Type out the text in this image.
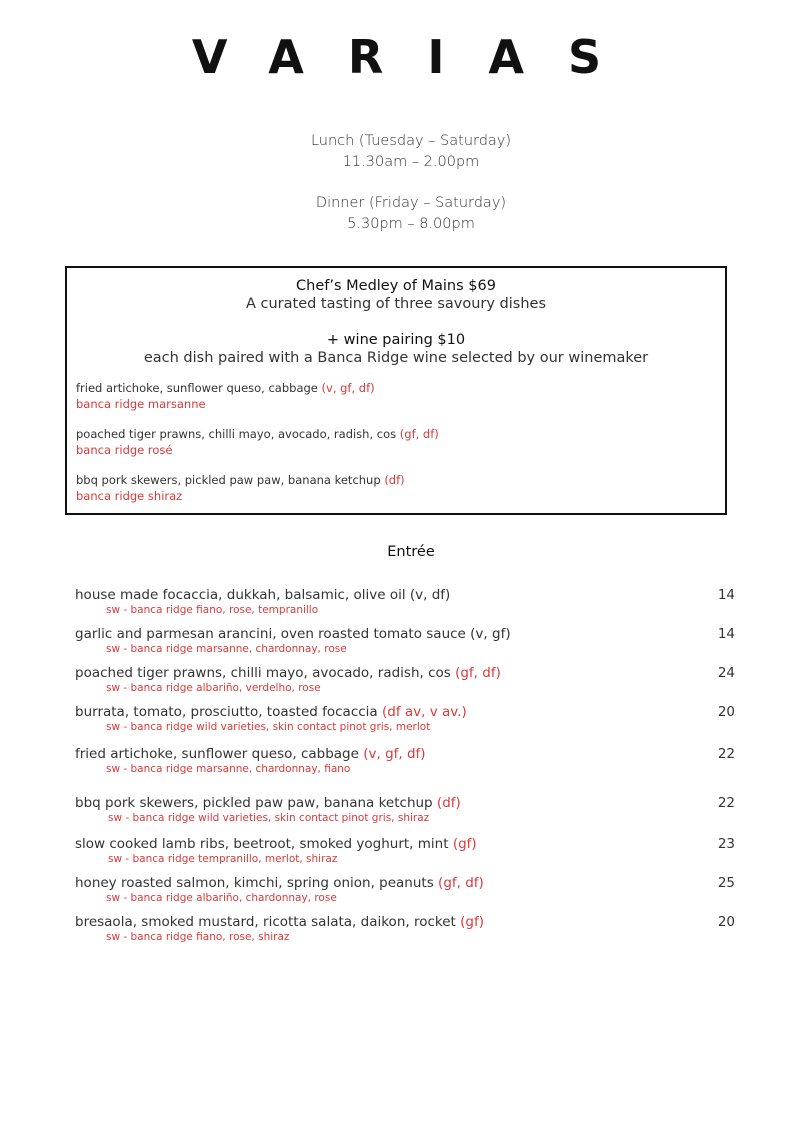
VARIAS
Lunch (Tuesday – Saturday)
11.30am – 2.00pm
Dinner (Friday – Saturday)
5.30pm – 8.00pm
Chef’s Medley of Mains $69
A curated tasting of three savoury dishes
+ wine pairing $10
each dish paired with a Banca Ridge wine selected by our winemaker
fried artichoke, sunflower queso, cabbage (v, gf, df)
banca ridge marsanne
poached tiger prawns, chilli mayo, avocado, radish, cos (gf, df)
banca ridge rosé
bbq pork skewers, pickled paw paw, banana ketchup (df)
banca ridge shiraz
Entrée
house made focaccia, dukkah, balsamic, olive oil (v, df)	14
sw - banca ridge fiano, rose, tempranillo
garlic and parmesan arancini, oven roasted tomato sauce (v, gf)	14
sw - banca ridge marsanne, chardonnay, rose
poached tiger prawns, chilli mayo, avocado, radish, cos (gf, df)	24
sw - banca ridge albariño, verdelho, rose
burrata, tomato, prosciutto, toasted focaccia (df av, v av.)	20
sw - banca ridge wild varieties, skin contact pinot gris, merlot
fried artichoke, sunflower queso, cabbage (v, gf, df)	22
sw - banca ridge marsanne, chardonnay, fiano
bbq pork skewers, pickled paw paw, banana ketchup (df)	22
sw - banca ridge wild varieties, skin contact pinot gris, shiraz
slow cooked lamb ribs, beetroot, smoked yoghurt, mint (gf)	23
sw - banca ridge tempranillo, merlot, shiraz
honey roasted salmon, kimchi, spring onion, peanuts (gf, df)	25
sw - banca ridge albariño, chardonnay, rose
bresaola, smoked mustard, ricotta salata, daikon, rocket (gf)	20
sw - banca ridge fiano, rose, shiraz
